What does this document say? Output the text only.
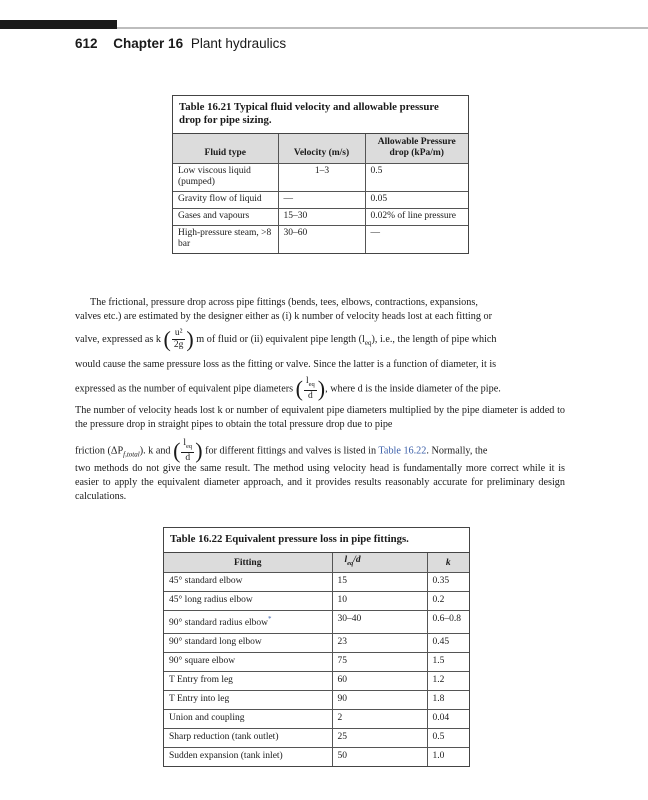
612 Chapter 16 Plant hydraulics
Table 16.21 Typical fluid velocity and allowable pressure drop for pipe sizing.
Fluid type	Velocity (m/s)	Allowable Pressure drop (kPa/m)
Low viscous liquid (pumped)	1–3	0.5
Gravity flow of liquid	—	0.05
Gases and vapours	15–30	0.02% of line pressure
High-pressure steam, >8 bar	30–60	—
The frictional, pressure drop across pipe fittings (bends, tees, elbows, contractions, expansions,
valves etc.) are estimated by the designer either as (i) k number of velocity heads lost at each fitting or
valve, expressed as k ( $\frac{\text{u²}}{2g}$ ) m of fluid or (ii) equivalent pipe length $(l_{eq})$, i.e., the length of pipe which
would cause the same pressure loss as the fitting or valve. Since the latter is a function of diameter, it is
expressed as the number of equivalent pipe diameters ( $\frac{l_{eq}}{d}$ ), where d is the inside diameter of the pipe.
The number of velocity heads lost k or number of equivalent pipe diameters multiplied by the pipe diameter is added to the pressure drop in straight pipes to obtain the total pressure drop due to pipe
friction $(\Delta P_{f,total})$. k and ( $\frac{l_{eq}}{d}$ ) for different fittings and valves is listed in Table 16.22. Normally, the
two methods do not give the same result. The method using velocity head is fundamentally more correct while it is easier to apply the equivalent diameter approach, and it provides results reasonably accurate for preliminary design calculations.
Table 16.22 Equivalent pressure loss in pipe fittings.
Fitting	$l_{eq}/d$	k
45° standard elbow	15	0.35
45° long radius elbow	10	0.2
90° standard radius elbow*	30–40	0.6–0.8
90° standard long elbow	23	0.45
90° square elbow	75	1.5
T Entry from leg	60	1.2
T Entry into leg	90	1.8
Union and coupling	2	0.04
Sharp reduction (tank outlet)	25	0.5
Sudden expansion (tank inlet)	50	1.0
